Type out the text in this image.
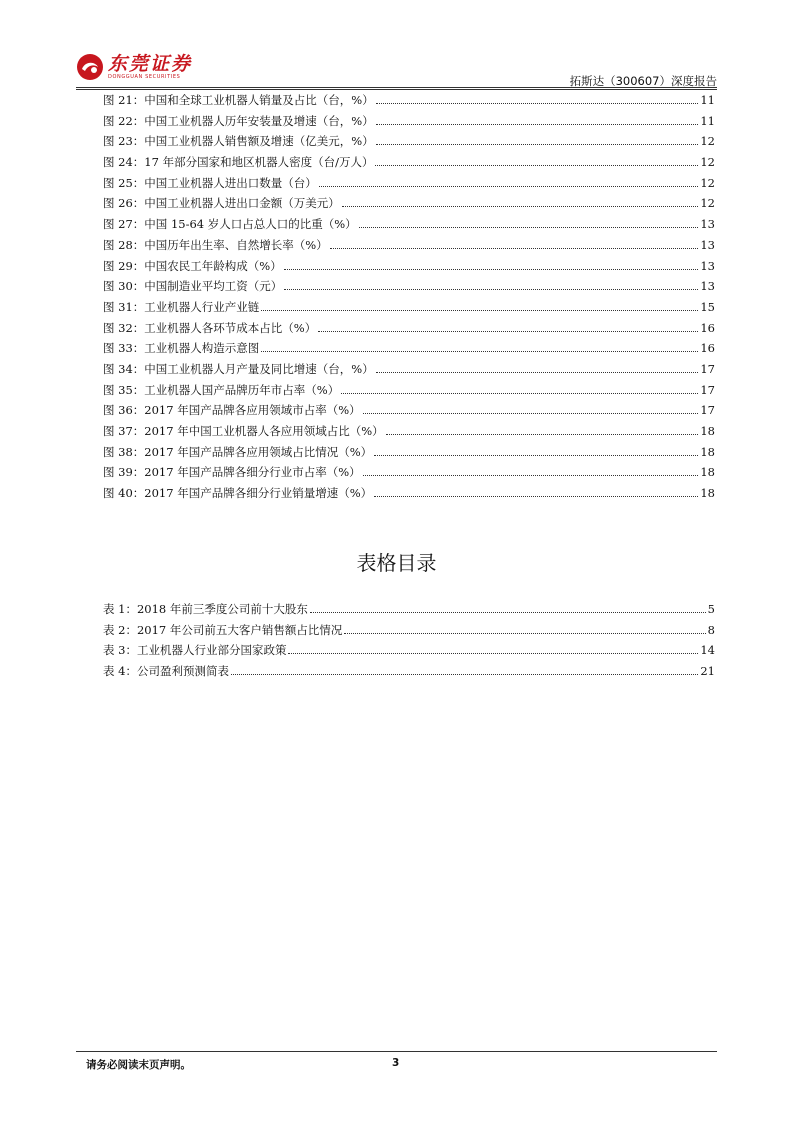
东莞证券
DONGGUAN SECURITIES	拓斯达（300607）深度报告
图 21：中国和全球工业机器人销量及占比（台，%）	11
图 22：中国工业机器人历年安装量及增速（台，%）	11
图 23：中国工业机器人销售额及增速（亿美元，%）	12
图 24：17 年部分国家和地区机器人密度（台/万人）	12
图 25：中国工业机器人进出口数量（台）	12
图 26：中国工业机器人进出口金额（万美元）	12
图 27：中国 15-64 岁人口占总人口的比重（%）	13
图 28：中国历年出生率、自然增长率（%）	13
图 29：中国农民工年龄构成（%）	13
图 30：中国制造业平均工资（元）	13
图 31：工业机器人行业产业链	15
图 32：工业机器人各环节成本占比（%）	16
图 33：工业机器人构造示意图	16
图 34：中国工业机器人月产量及同比增速（台，%）	17
图 35：工业机器人国产品牌历年市占率（%）	17
图 36：2017 年国产品牌各应用领域市占率（%）	17
图 37：2017 年中国工业机器人各应用领域占比（%）	18
图 38：2017 年国产品牌各应用领域占比情况（%）	18
图 39：2017 年国产品牌各细分行业市占率（%）	18
图 40：2017 年国产品牌各细分行业销量增速（%）	18
表格目录
表 1：2018 年前三季度公司前十大股东	5
表 2：2017 年公司前五大客户销售额占比情况	8
表 3：工业机器人行业部分国家政策	14
表 4：公司盈利预测简表	21
请务必阅读末页声明。	3
